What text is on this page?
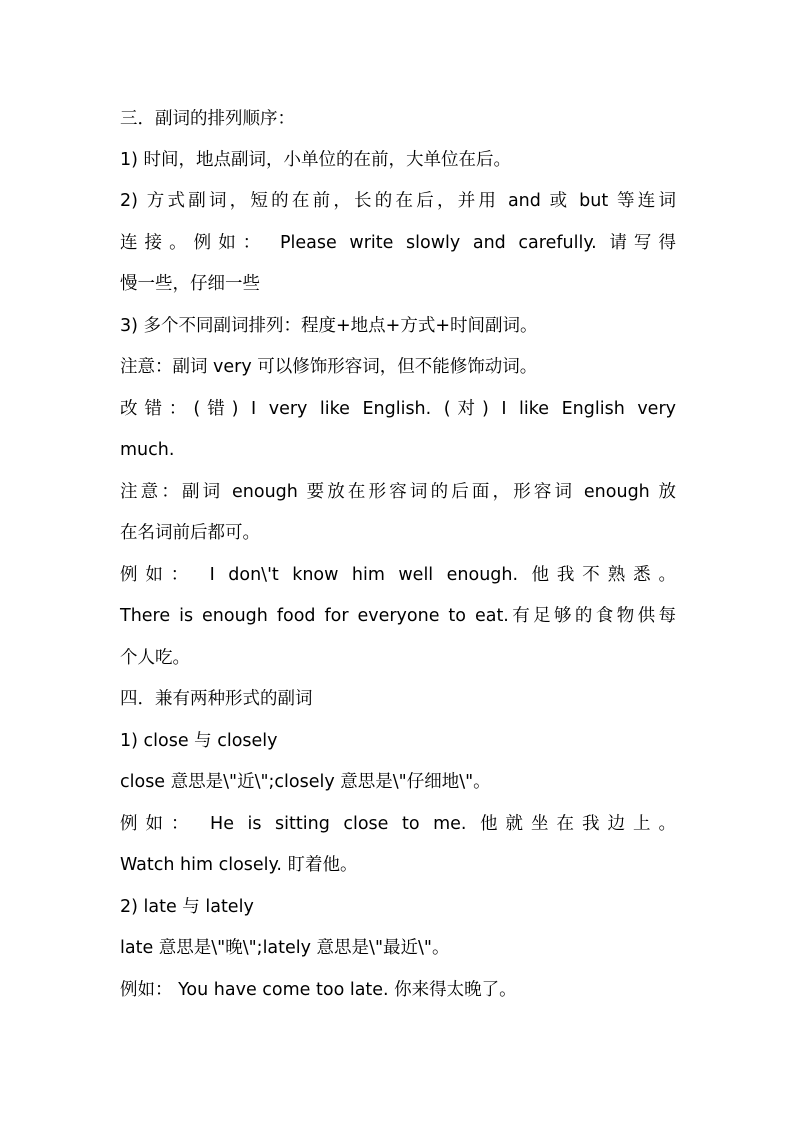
三．副词的排列顺序：
1) 时间，地点副词，小单位的在前，大单位在后。
2) 方式副词，短的在前，长的在后，并用 and 或 but 等连词
连接。例如： Please write slowly and carefully. 请写得
慢一些，仔细一些
3) 多个不同副词排列：程度+地点+方式+时间副词。
注意：副词 very 可以修饰形容词，但不能修饰动词。
改错：(错) I very like English. (对) I like English very
much.
注意：副词 enough 要放在形容词的后面，形容词 enough 放
在名词前后都可。
例如： I don\'t know him well enough. 他我不熟悉。
There is enough food for everyone to eat.有足够的食物供每
个人吃。
四．兼有两种形式的副词
1) close 与 closely
close 意思是\"近\";closely 意思是\"仔细地\"。
例如： He is sitting close to me. 他就坐在我边上。
Watch him closely. 盯着他。
2) late 与 lately
late 意思是\"晚\";lately 意思是\"最近\"。
例如： You have come too late. 你来得太晚了。
